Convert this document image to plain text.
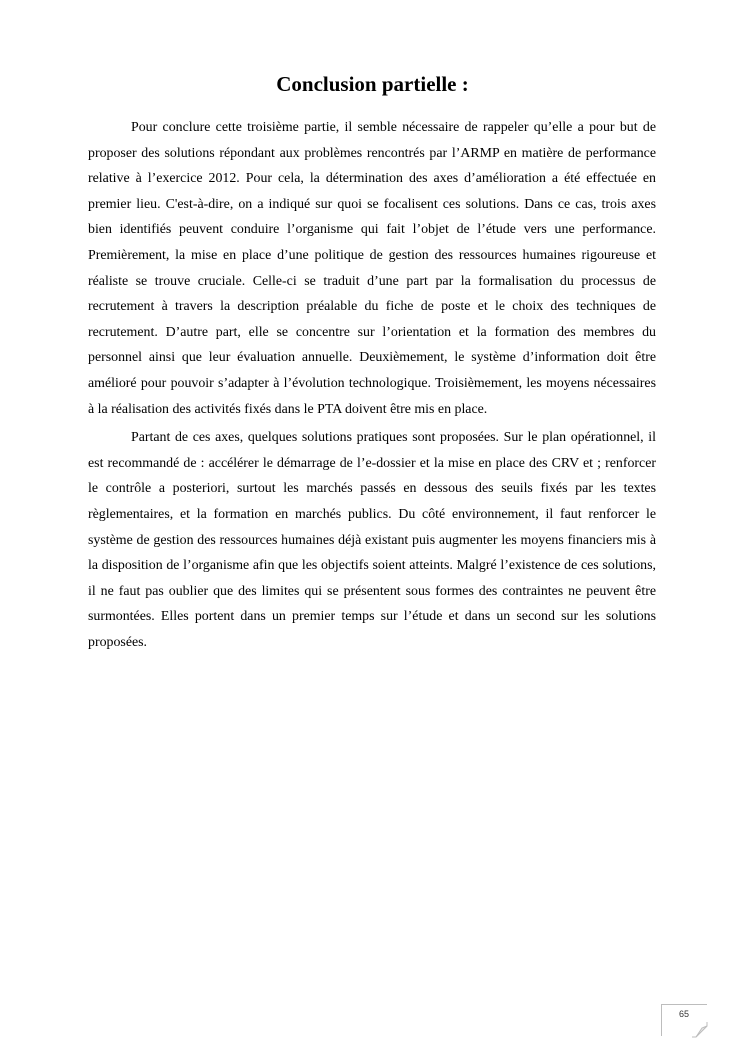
Conclusion partielle :

Pour conclure cette troisième partie, il semble nécessaire de rappeler qu’elle a pour but de proposer des solutions répondant aux problèmes rencontrés par l’ARMP en matière de performance relative à l’exercice 2012. Pour cela, la détermination des axes d’amélioration a été effectuée en premier lieu. C'est-à-dire, on a indiqué sur quoi se focalisent ces solutions. Dans ce cas, trois axes bien identifiés peuvent conduire l’organisme qui fait l’objet de l’étude vers une performance. Premièrement, la mise en place d’une politique de gestion des ressources humaines rigoureuse et réaliste se trouve cruciale. Celle-ci se traduit d’une part par la formalisation du processus de recrutement à travers la description préalable du fiche de poste et le choix des techniques de recrutement. D’autre part, elle se concentre sur l’orientation et la formation des membres du personnel ainsi que leur évaluation annuelle. Deuxièmement, le système d’information doit être amélioré pour pouvoir s’adapter à l’évolution technologique. Troisièmement, les moyens nécessaires à la réalisation des activités fixés dans le PTA doivent être mis en place.

Partant de ces axes, quelques solutions pratiques sont proposées. Sur le plan opérationnel, il est recommandé de : accélérer le démarrage de l’e-dossier et la mise en place des CRV et ; renforcer le contrôle a posteriori, surtout les marchés passés en dessous des seuils fixés par les textes règlementaires, et la formation en marchés publics. Du côté environnement, il faut renforcer le système de gestion des ressources humaines déjà existant puis augmenter les moyens financiers mis à la disposition de l’organisme afin que les objectifs soient atteints. Malgré l’existence de ces solutions, il ne faut pas oublier que des limites qui se présentent sous formes des contraintes ne peuvent être surmontées. Elles portent dans un premier temps sur l’étude et dans un second sur les solutions proposées.

65
